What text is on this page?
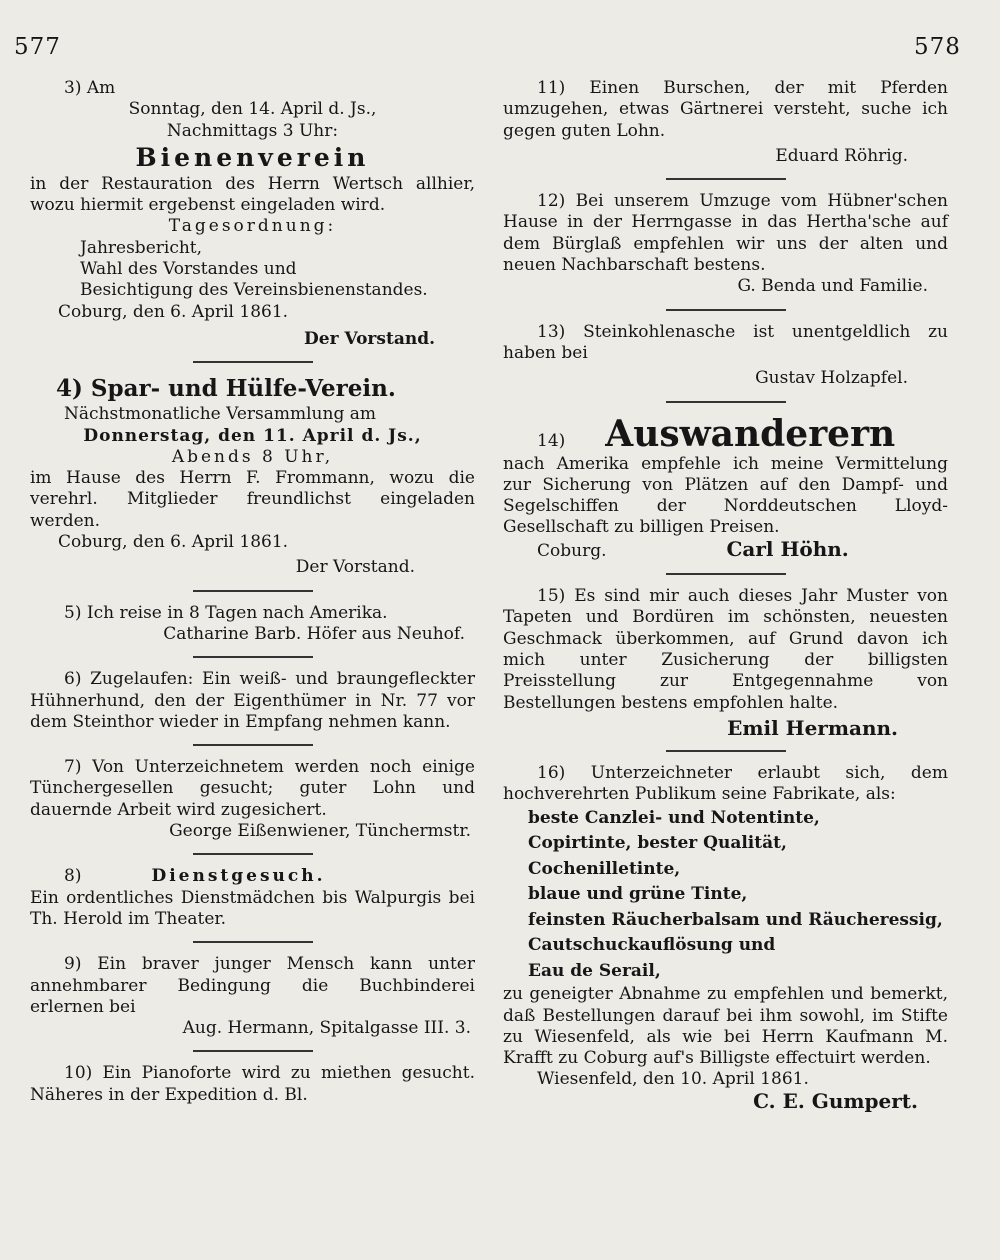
577	578

3) Am

Sonntag, den 14. April d. Js.,

Nachmittags 3 Uhr:

Bienenverein

in der Restauration des Herrn Wertsch allhier, wozu hiermit ergebenst eingeladen wird.

Tagesordnung:

Jahresbericht,

Wahl des Vorstandes und

Besichtigung des Vereinsbienenstandes.

Coburg, den 6. April 1861.

Der Vorstand.

4) Spar- und Hülfe-Verein.

Nächstmonatliche Versammlung am

Donnerstag, den 11. April d. Js.,

Abends 8 Uhr,

im Hause des Herrn F. Frommann, wozu die verehrl. Mitglieder freundlichst eingeladen werden.

Coburg, den 6. April 1861.

Der Vorstand.

5) Ich reise in 8 Tagen nach Amerika.

Catharine Barb. Höfer aus Neuhof.

6) Zugelaufen: Ein weiß- und braungefleckter Hühnerhund, den der Eigenthümer in Nr. 77 vor dem Steinthor wieder in Empfang nehmen kann.

7) Von Unterzeichnetem werden noch einige Tünchergesellen gesucht; guter Lohn und dauernde Arbeit wird zugesichert.

George Eißenwiener, Tünchermstr.

8)	Dienstgesuch.

Ein ordentliches Dienstmädchen bis Walpurgis bei Th. Herold im Theater.

9) Ein braver junger Mensch kann unter annehmbarer Bedingung die Buchbinderei erlernen bei

Aug. Hermann, Spitalgasse III. 3.

10) Ein Pianoforte wird zu miethen gesucht. Näheres in der Expedition d. Bl.

11) Einen Burschen, der mit Pferden umzugehen, etwas Gärtnerei versteht, suche ich gegen guten Lohn.

Eduard Röhrig.

12) Bei unserem Umzuge vom Hübner'schen Hause in der Herrngasse in das Hertha'sche auf dem Bürglaß empfehlen wir uns der alten und neuen Nachbarschaft bestens.

G. Benda und Familie.

13) Steinkohlenasche ist unentgeldlich zu haben bei

Gustav Holzapfel.

14) Auswanderern

nach Amerika empfehle ich meine Vermittelung zur Sicherung von Plätzen auf den Dampf- und Segelschiffen der Norddeutschen Lloyd-Gesellschaft zu billigen Preisen.

Coburg.	Carl Höhn.

15) Es sind mir auch dieses Jahr Muster von Tapeten und Bordüren im schönsten, neuesten Geschmack überkommen, auf Grund davon ich mich unter Zusicherung der billigsten Preisstellung zur Entgegennahme von Bestellungen bestens empfohlen halte.

Emil Hermann.

16) Unterzeichneter erlaubt sich, dem hochverehrten Publikum seine Fabrikate, als:

beste Canzlei- und Notentinte,

Copirtinte, bester Qualität,

Cochenilletinte,

blaue und grüne Tinte,

feinsten Räucherbalsam und Räucheressig,

Cautschuckauflösung und

Eau de Serail,

zu geneigter Abnahme zu empfehlen und bemerkt, daß Bestellungen darauf bei ihm sowohl, im Stifte zu Wiesenfeld, als wie bei Herrn Kaufmann M. Krafft zu Coburg auf's Billigste effectuirt werden.

Wiesenfeld, den 10. April 1861.

C. E. Gumpert.
